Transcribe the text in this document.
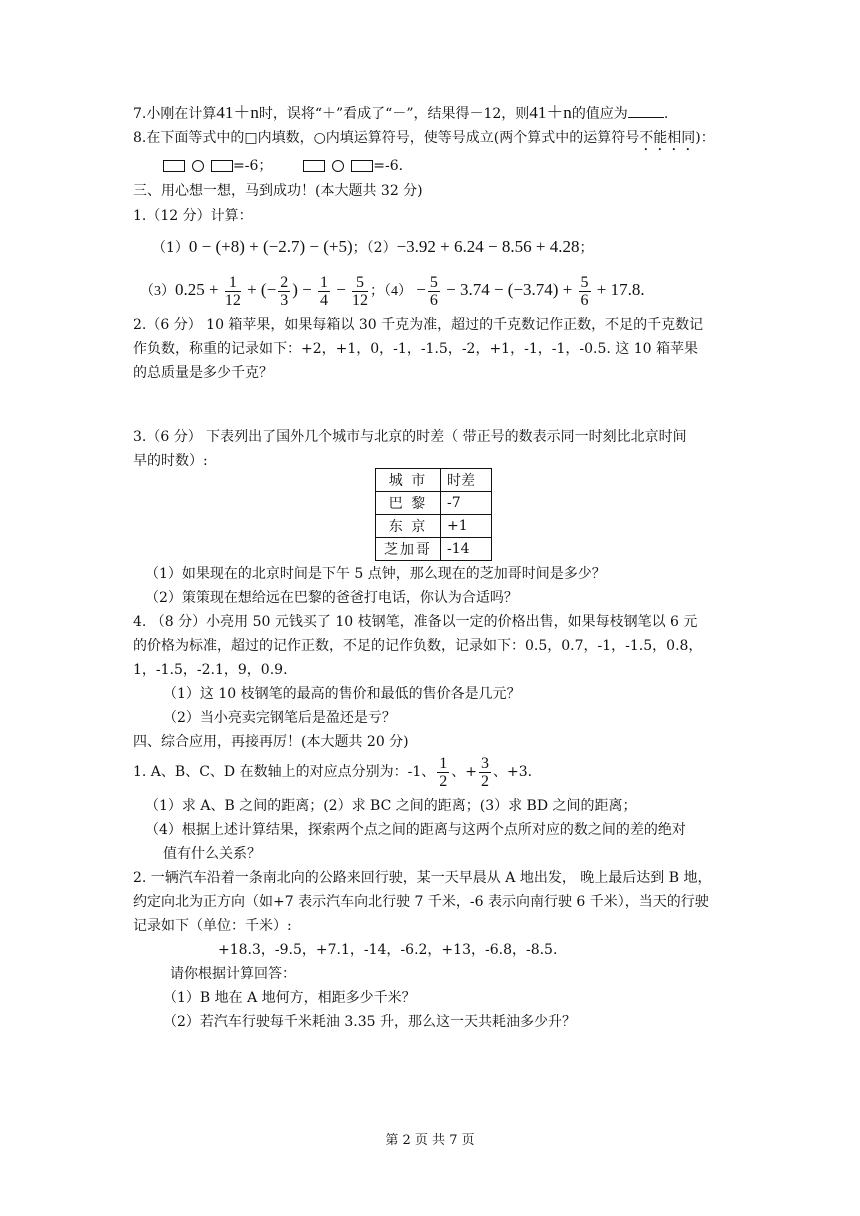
7.小刚在计算41＋n时，误将“＋”看成了“－”，结果得－12，则41＋n的值应为	.
8.在下面等式中的□内填数，○内填运算符号，使等号成立(两个算式中的运算符号不能相同)：
=-6；	=-6.
三、用心想一想，马到成功！(本大题共 32 分)
1.（12 分）计算：
（1）0 − (+8) + (−2.7) − (+5)；（2）−3.92 + 6.24 − 8.56 + 4.28；
$(3)0.25 + \frac{1}{12}$ + (− $\frac{2}{3}$ ) − $\frac{1}{4} - \frac{5}{12}$ ；$(4) - \frac{5}{6} - 3.74 - (-3.74) + \frac{5}{6} + 17.8$.
2.（6 分） 10 箱苹果，如果每箱以 30 千克为准，超过的千克数记作正数，不足的千克数记
作负数，称重的记录如下：+2，+1，0，-1，-1.5，-2，+1，-1，-1，-0.5. 这 10 箱苹果
的总质量是多少千克？
3.（6 分） 下表列出了国外几个城市与北京的时差（ 带正号的数表示同一时刻比北京时间
早的时数）:
城 市	时差
巴 黎	-7
东 京	+1
芝加哥	-14
（1）如果现在的北京时间是下午 5 点钟，那么现在的芝加哥时间是多少？
（2）策策现在想给远在巴黎的爸爸打电话，你认为合适吗？
4. （8 分）小亮用 50 元钱买了 10 枝钢笔，准备以一定的价格出售，如果每枝钢笔以 6 元
的价格为标准，超过的记作正数，不足的记作负数，记录如下：0.5，0.7，-1，-1.5，0.8，
1，-1.5，-2.1，9，0.9.
（1）这 10 枝钢笔的最高的售价和最低的售价各是几元？
（2）当小亮卖完钢笔后是盈还是亏？
四、综合应用，再接再厉！(本大题共 20 分)
1. A、B、C、D 在数轴上的对应点分别为：-1、 $\frac{1}{2}$ 、+ $\frac{3}{2}$ 、+3.
（1）求 A、B 之间的距离；(2）求 BC 之间的距离；(3）求 BD 之间的距离；
（4）根据上述计算结果，探索两个点之间的距离与这两个点所对应的数之间的差的绝对
值有什么关系？
2. 一辆汽车沿着一条南北向的公路来回行驶，某一天早晨从 A 地出发， 晚上最后达到 B 地，
约定向北为正方向（如+7 表示汽车向北行驶 7 千米，-6 表示向南行驶 6 千米），当天的行驶
记录如下（单位：千米）:
+18.3，-9.5，+7.1，-14，-6.2，+13，-6.8，-8.5.
请你根据计算回答：
（1）B 地在 A 地何方，相距多少千米？
（2）若汽车行驶每千米耗油 3.35 升，那么这一天共耗油多少升？
第 2 页 共 7 页
